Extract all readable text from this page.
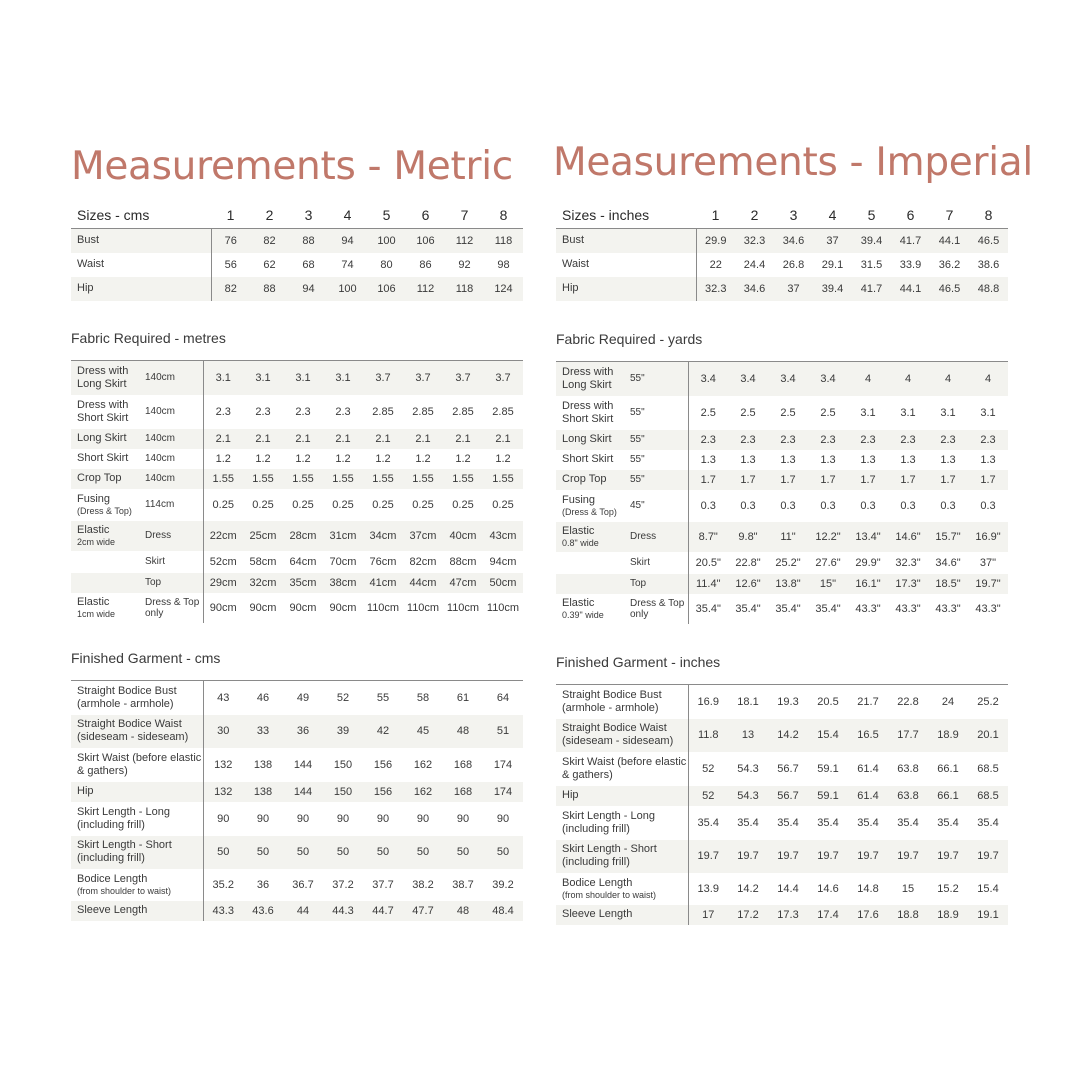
Measurements - Metric
Sizes - cms	1	2	3	4	5	6	7	8
Bust	76	82	88	94	100	106	112	118
Waist	56	62	68	74	80	86	92	98
Hip	82	88	94	100	106	112	118	124
Fabric Required - metres
Dress with Long Skirt	140cm	3.1	3.1	3.1	3.1	3.7	3.7	3.7	3.7
Dress with Short Skirt	140cm	2.3	2.3	2.3	2.3	2.85	2.85	2.85	2.85
Long Skirt	140cm	2.1	2.1	2.1	2.1	2.1	2.1	2.1	2.1
Short Skirt	140cm	1.2	1.2	1.2	1.2	1.2	1.2	1.2	1.2
Crop Top	140cm	1.55	1.55	1.55	1.55	1.55	1.55	1.55	1.55
Fusing
(Dress & Top)	114cm	0.25	0.25	0.25	0.25	0.25	0.25	0.25	0.25
Elastic
2cm wide	Dress	22cm	25cm	28cm	31cm	34cm	37cm	40cm	43cm
	Skirt	52cm	58cm	64cm	70cm	76cm	82cm	88cm	94cm
	Top	29cm	32cm	35cm	38cm	41cm	44cm	47cm	50cm
Elastic
1cm wide	Dress & Top only	90cm	90cm	90cm	90cm	110cm	110cm	110cm	110cm
Finished Garment - cms
Straight Bodice Bust (armhole - armhole)	43	46	49	52	55	58	61	64
Straight Bodice Waist (sideseam - sideseam)	30	33	36	39	42	45	48	51
Skirt Waist (before elastic & gathers)	132	138	144	150	156	162	168	174
Hip	132	138	144	150	156	162	168	174
Skirt Length - Long (including frill)	90	90	90	90	90	90	90	90
Skirt Length - Short (including frill)	50	50	50	50	50	50	50	50
Bodice Length
(from shoulder to waist)	35.2	36	36.7	37.2	37.7	38.2	38.7	39.2
Sleeve Length	43.3	43.6	44	44.3	44.7	47.7	48	48.4
Measurements - Imperial
Sizes - inches	1	2	3	4	5	6	7	8
Bust	29.9	32.3	34.6	37	39.4	41.7	44.1	46.5
Waist	22	24.4	26.8	29.1	31.5	33.9	36.2	38.6
Hip	32.3	34.6	37	39.4	41.7	44.1	46.5	48.8
Fabric Required - yards
Dress with Long Skirt	55"	3.4	3.4	3.4	3.4	4	4	4	4
Dress with Short Skirt	55"	2.5	2.5	2.5	2.5	3.1	3.1	3.1	3.1
Long Skirt	55"	2.3	2.3	2.3	2.3	2.3	2.3	2.3	2.3
Short Skirt	55"	1.3	1.3	1.3	1.3	1.3	1.3	1.3	1.3
Crop Top	55"	1.7	1.7	1.7	1.7	1.7	1.7	1.7	1.7
Fusing
(Dress & Top)	45"	0.3	0.3	0.3	0.3	0.3	0.3	0.3	0.3
Elastic
0.8" wide	Dress	8.7"	9.8"	11"	12.2"	13.4"	14.6"	15.7"	16.9"
	Skirt	20.5"	22.8"	25.2"	27.6"	29.9"	32.3"	34.6"	37"
	Top	11.4"	12.6"	13.8"	15"	16.1"	17.3"	18.5"	19.7"
Elastic
0.39" wide	Dress & Top only	35.4"	35.4"	35.4"	35.4"	43.3"	43.3"	43.3"	43.3"
Finished Garment - inches
Straight Bodice Bust (armhole - armhole)	16.9	18.1	19.3	20.5	21.7	22.8	24	25.2
Straight Bodice Waist (sideseam - sideseam)	11.8	13	14.2	15.4	16.5	17.7	18.9	20.1
Skirt Waist (before elastic & gathers)	52	54.3	56.7	59.1	61.4	63.8	66.1	68.5
Hip	52	54.3	56.7	59.1	61.4	63.8	66.1	68.5
Skirt Length - Long (including frill)	35.4	35.4	35.4	35.4	35.4	35.4	35.4	35.4
Skirt Length - Short (including frill)	19.7	19.7	19.7	19.7	19.7	19.7	19.7	19.7
Bodice Length
(from shoulder to waist)	13.9	14.2	14.4	14.6	14.8	15	15.2	15.4
Sleeve Length	17	17.2	17.3	17.4	17.6	18.8	18.9	19.1
